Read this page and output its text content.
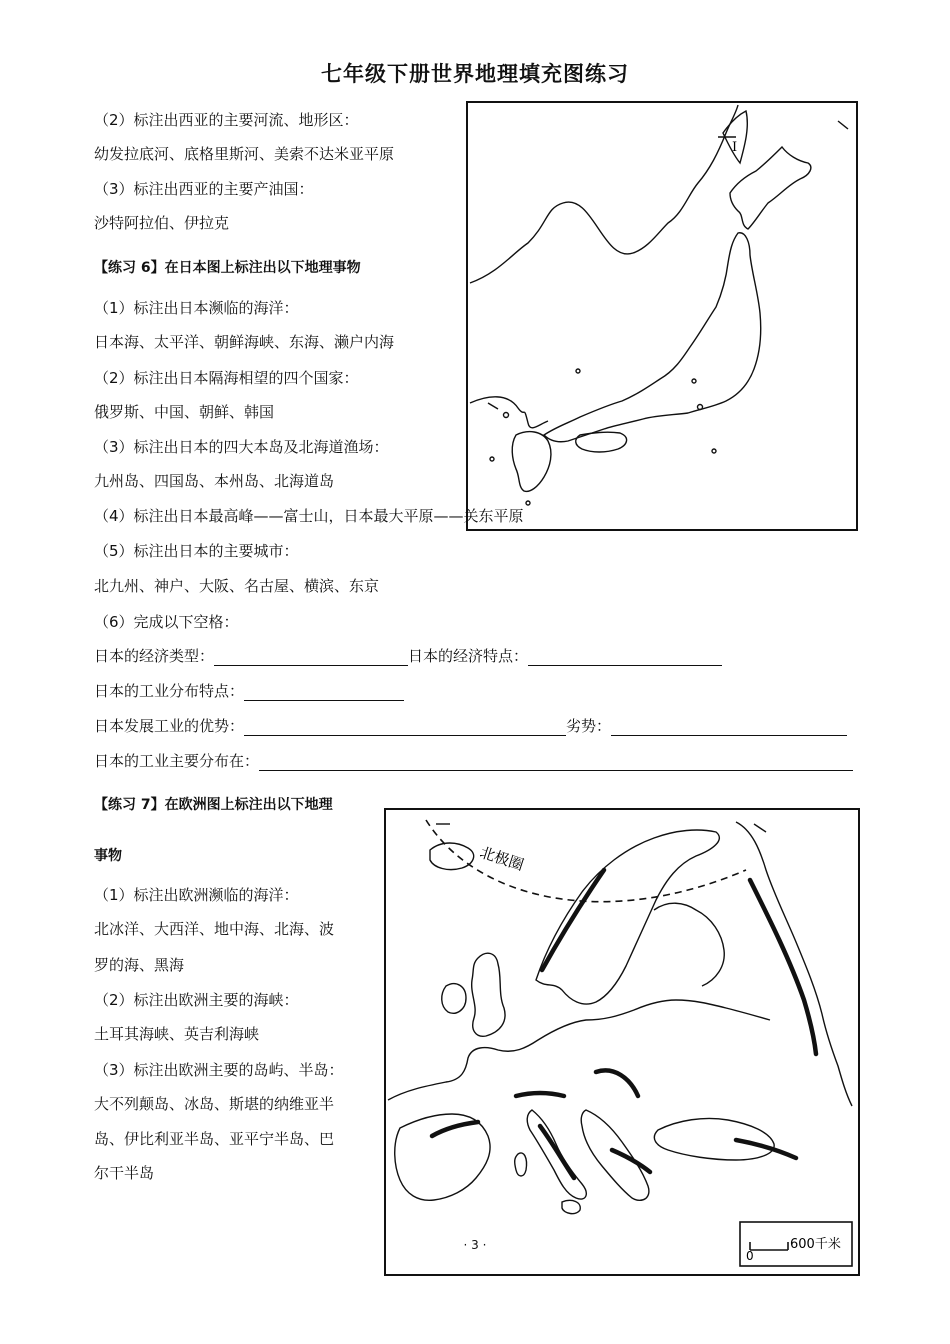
七年级下册世界地理填充图练习
（2）标注出西亚的主要河流、地形区：
幼发拉底河、底格里斯河、美索不达米亚平原
（3）标注出西亚的主要产油国：
沙特阿拉伯、伊拉克
【练习 6】在日本图上标注出以下地理事物
（1）标注出日本濒临的海洋：
日本海、太平洋、朝鲜海峡、东海、濑户内海
（2）标注出日本隔海相望的四个国家：
俄罗斯、中国、朝鲜、韩国
（3）标注出日本的四大本岛及北海道渔场：
九州岛、四国岛、本州岛、北海道岛
I
（4）标注出日本最高峰——富士山，日本最大平原——关东平原
（5）标注出日本的主要城市：
北九州、神户、大阪、名古屋、横滨、东京
（6）完成以下空格：
日本的经济类型：	日本的经济特点：
日本的工业分布特点：
日本发展工业的优势：	劣势：
日本的工业主要分布在：
【练习 7】在欧洲图上标注出以下地理
事物
（1）标注出欧洲濒临的海洋：
北冰洋、大西洋、地中海、北海、波
罗的海、黑海
（2）标注出欧洲主要的海峡：
土耳其海峡、英吉利海峡
（3）标注出欧洲主要的岛屿、半岛：
大不列颠岛、冰岛、斯堪的纳维亚半
岛、伊比利亚半岛、亚平宁半岛、巴
尔干半岛
北极圈
0
600千米
· 3 ·
